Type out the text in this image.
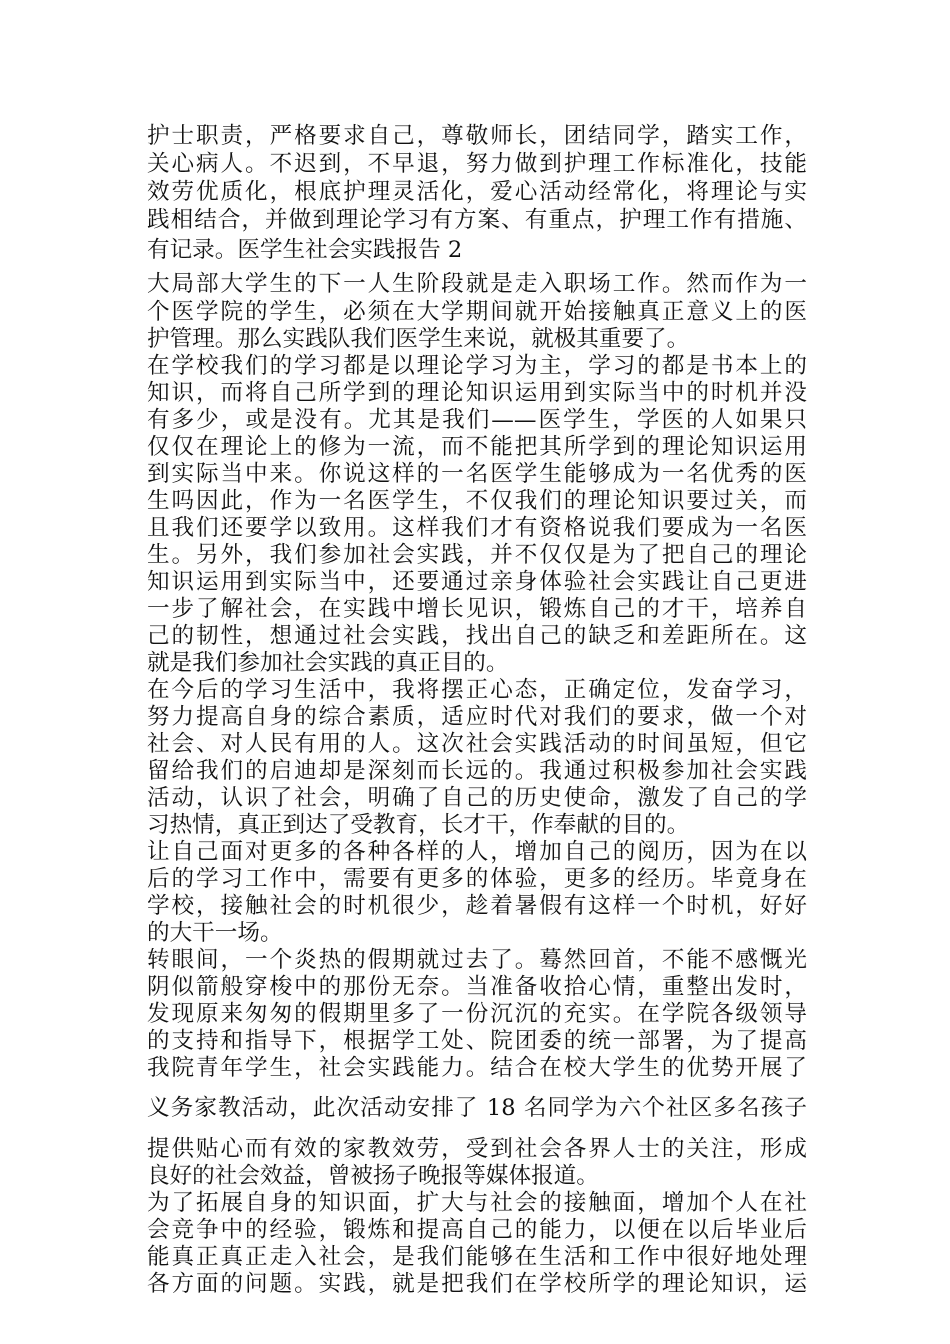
护士职责，严格要求自己，尊敬师长，团结同学，踏实工作，
关心病人。不迟到，不早退，努力做到护理工作标准化，技能
效劳优质化，根底护理灵活化，爱心活动经常化，将理论与实
践相结合，并做到理论学习有方案、有重点，护理工作有措施、
有记录。医学生社会实践报告 2
大局部大学生的下一人生阶段就是走入职场工作。然而作为一
个医学院的学生，必须在大学期间就开始接触真正意义上的医
护管理。那么实践队我们医学生来说，就极其重要了。
在学校我们的学习都是以理论学习为主，学习的都是书本上的
知识，而将自己所学到的理论知识运用到实际当中的时机并没
有多少，或是没有。尤其是我们——医学生，学医的人如果只
仅仅在理论上的修为一流，而不能把其所学到的理论知识运用
到实际当中来。你说这样的一名医学生能够成为一名优秀的医
生吗因此，作为一名医学生，不仅我们的理论知识要过关，而
且我们还要学以致用。这样我们才有资格说我们要成为一名医
生。另外，我们参加社会实践，并不仅仅是为了把自己的理论
知识运用到实际当中，还要通过亲身体验社会实践让自己更进
一步了解社会，在实践中增长见识，锻炼自己的才干，培养自
己的韧性，想通过社会实践，找出自己的缺乏和差距所在。这
就是我们参加社会实践的真正目的。
在今后的学习生活中，我将摆正心态，正确定位，发奋学习，
努力提高自身的综合素质，适应时代对我们的要求，做一个对
社会、对人民有用的人。这次社会实践活动的时间虽短，但它
留给我们的启迪却是深刻而长远的。我通过积极参加社会实践
活动，认识了社会，明确了自己的历史使命，激发了自己的学
习热情，真正到达了受教育，长才干，作奉献的目的。
让自己面对更多的各种各样的人，增加自己的阅历，因为在以
后的学习工作中，需要有更多的体验，更多的经历。毕竟身在
学校，接触社会的时机很少，趁着暑假有这样一个时机，好好
的大干一场。
转眼间，一个炎热的假期就过去了。蓦然回首，不能不感慨光
阴似箭般穿梭中的那份无奈。当准备收拾心情，重整出发时，
发现原来匆匆的假期里多了一份沉沉的充实。在学院各级领导
的支持和指导下，根据学工处、院团委的统一部署，为了提高
我院青年学生，社会实践能力。结合在校大学生的优势开展了
义务家教活动，此次活动安排了 18 名同学为六个社区多名孩子
提供贴心而有效的家教效劳，受到社会各界人士的关注，形成
良好的社会效益，曾被扬子晚报等媒体报道。
为了拓展自身的知识面，扩大与社会的接触面，增加个人在社
会竞争中的经验，锻炼和提高自己的能力，以便在以后毕业后
能真正真正走入社会，是我们能够在生活和工作中很好地处理
各方面的问题。实践，就是把我们在学校所学的理论知识，运
